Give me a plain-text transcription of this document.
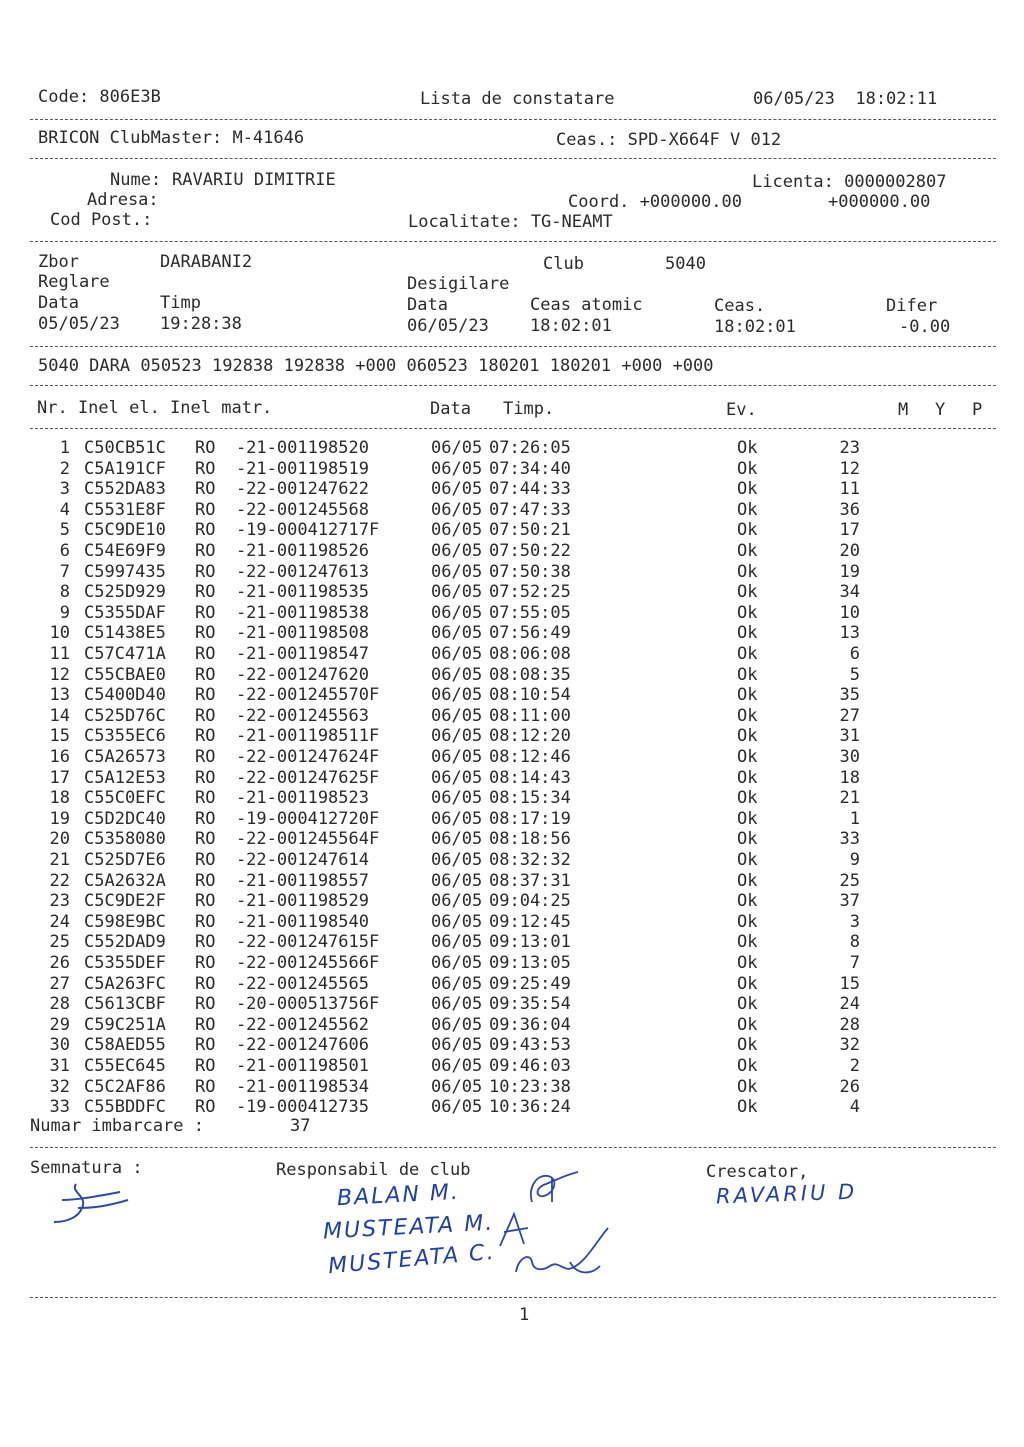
Code: 806E3B	Lista de constatare	06/05/23  18:02:11
BRICON ClubMaster: M-41646	Ceas.: SPD-X664F V 012
Nume: RAVARIU DIMITRIE	Licenta: 0000002807
Adresa:	Coord. +000000.00	+000000.00
Cod Post.:	Localitate: TG-NEAMT
Zbor	DARABANI2	Club	5040
Reglare	Desigilare
Data	Timp	Data	Ceas atomic	Ceas.	Difer
05/05/23 19:28:38	06/05/23 18:02:01	18:02:01	-0.00
5040 DARA 050523 192838 192838 +000 060523 180201 180201 +000 +000
Nr. Inel el. Inel matr.	Data Timp.	Ev.	M Y P
1 C50CB51C RO  -21-001198520	06/05 07:26:05	Ok	23
2 C5A191CF RO  -21-001198519	06/05 07:34:40	Ok	12
3 C552DA83 RO  -22-001247622	06/05 07:44:33	Ok	11
4 C5531E8F RO  -22-001245568	06/05 07:47:33	Ok	36
5 C5C9DE10 RO  -19-000412717F	06/05 07:50:21	Ok	17
6 C54E69F9 RO  -21-001198526	06/05 07:50:22	Ok	20
7 C5997435 RO  -22-001247613	06/05 07:50:38	Ok	19
8 C525D929 RO  -21-001198535	06/05 07:52:25	Ok	34
9 C5355DAF RO  -21-001198538	06/05 07:55:05	Ok	10
10 C51438E5 RO  -21-001198508	06/05 07:56:49	Ok	13
11 C57C471A RO  -21-001198547	06/05 08:06:08	Ok	6
12 C55CBAE0 RO  -22-001247620	06/05 08:08:35	Ok	5
13 C5400D40 RO  -22-001245570F	06/05 08:10:54	Ok	35
14 C525D76C RO  -22-001245563	06/05 08:11:00	Ok	27
15 C5355EC6 RO  -21-001198511F	06/05 08:12:20	Ok	31
16 C5A26573 RO  -22-001247624F	06/05 08:12:46	Ok	30
17 C5A12E53 RO  -22-001247625F	06/05 08:14:43	Ok	18
18 C55C0EFC RO  -21-001198523	06/05 08:15:34	Ok	21
19 C5D2DC40 RO  -19-000412720F	06/05 08:17:19	Ok	1
20 C5358080 RO  -22-001245564F	06/05 08:18:56	Ok	33
21 C525D7E6 RO  -22-001247614	06/05 08:32:32	Ok	9
22 C5A2632A RO  -21-001198557	06/05 08:37:31	Ok	25
23 C5C9DE2F RO  -21-001198529	06/05 09:04:25	Ok	37
24 C598E9BC RO  -21-001198540	06/05 09:12:45	Ok	3
25 C552DAD9 RO  -22-001247615F	06/05 09:13:01	Ok	8
26 C5355DEF RO  -22-001245566F	06/05 09:13:05	Ok	7
27 C5A263FC RO  -22-001245565	06/05 09:25:49	Ok	15
28 C5613CBF RO  -20-000513756F	06/05 09:35:54	Ok	24
29 C59C251A RO  -22-001245562	06/05 09:36:04	Ok	28
30 C58AED55 RO  -22-001247606	06/05 09:43:53	Ok	32
31 C55EC645 RO  -21-001198501	06/05 09:46:03	Ok	2
32 C5C2AF86 RO  -21-001198534	06/05 10:23:38	Ok	26
33 C55BDDFC RO  -19-000412735	06/05 10:36:24	Ok	4
Numar imbarcare :	37
Semnatura :	Responsabil de club	Crescator,
BALAN M.
MUSTEATA M.
MUSTEATA C.
RAVARIU D
1
